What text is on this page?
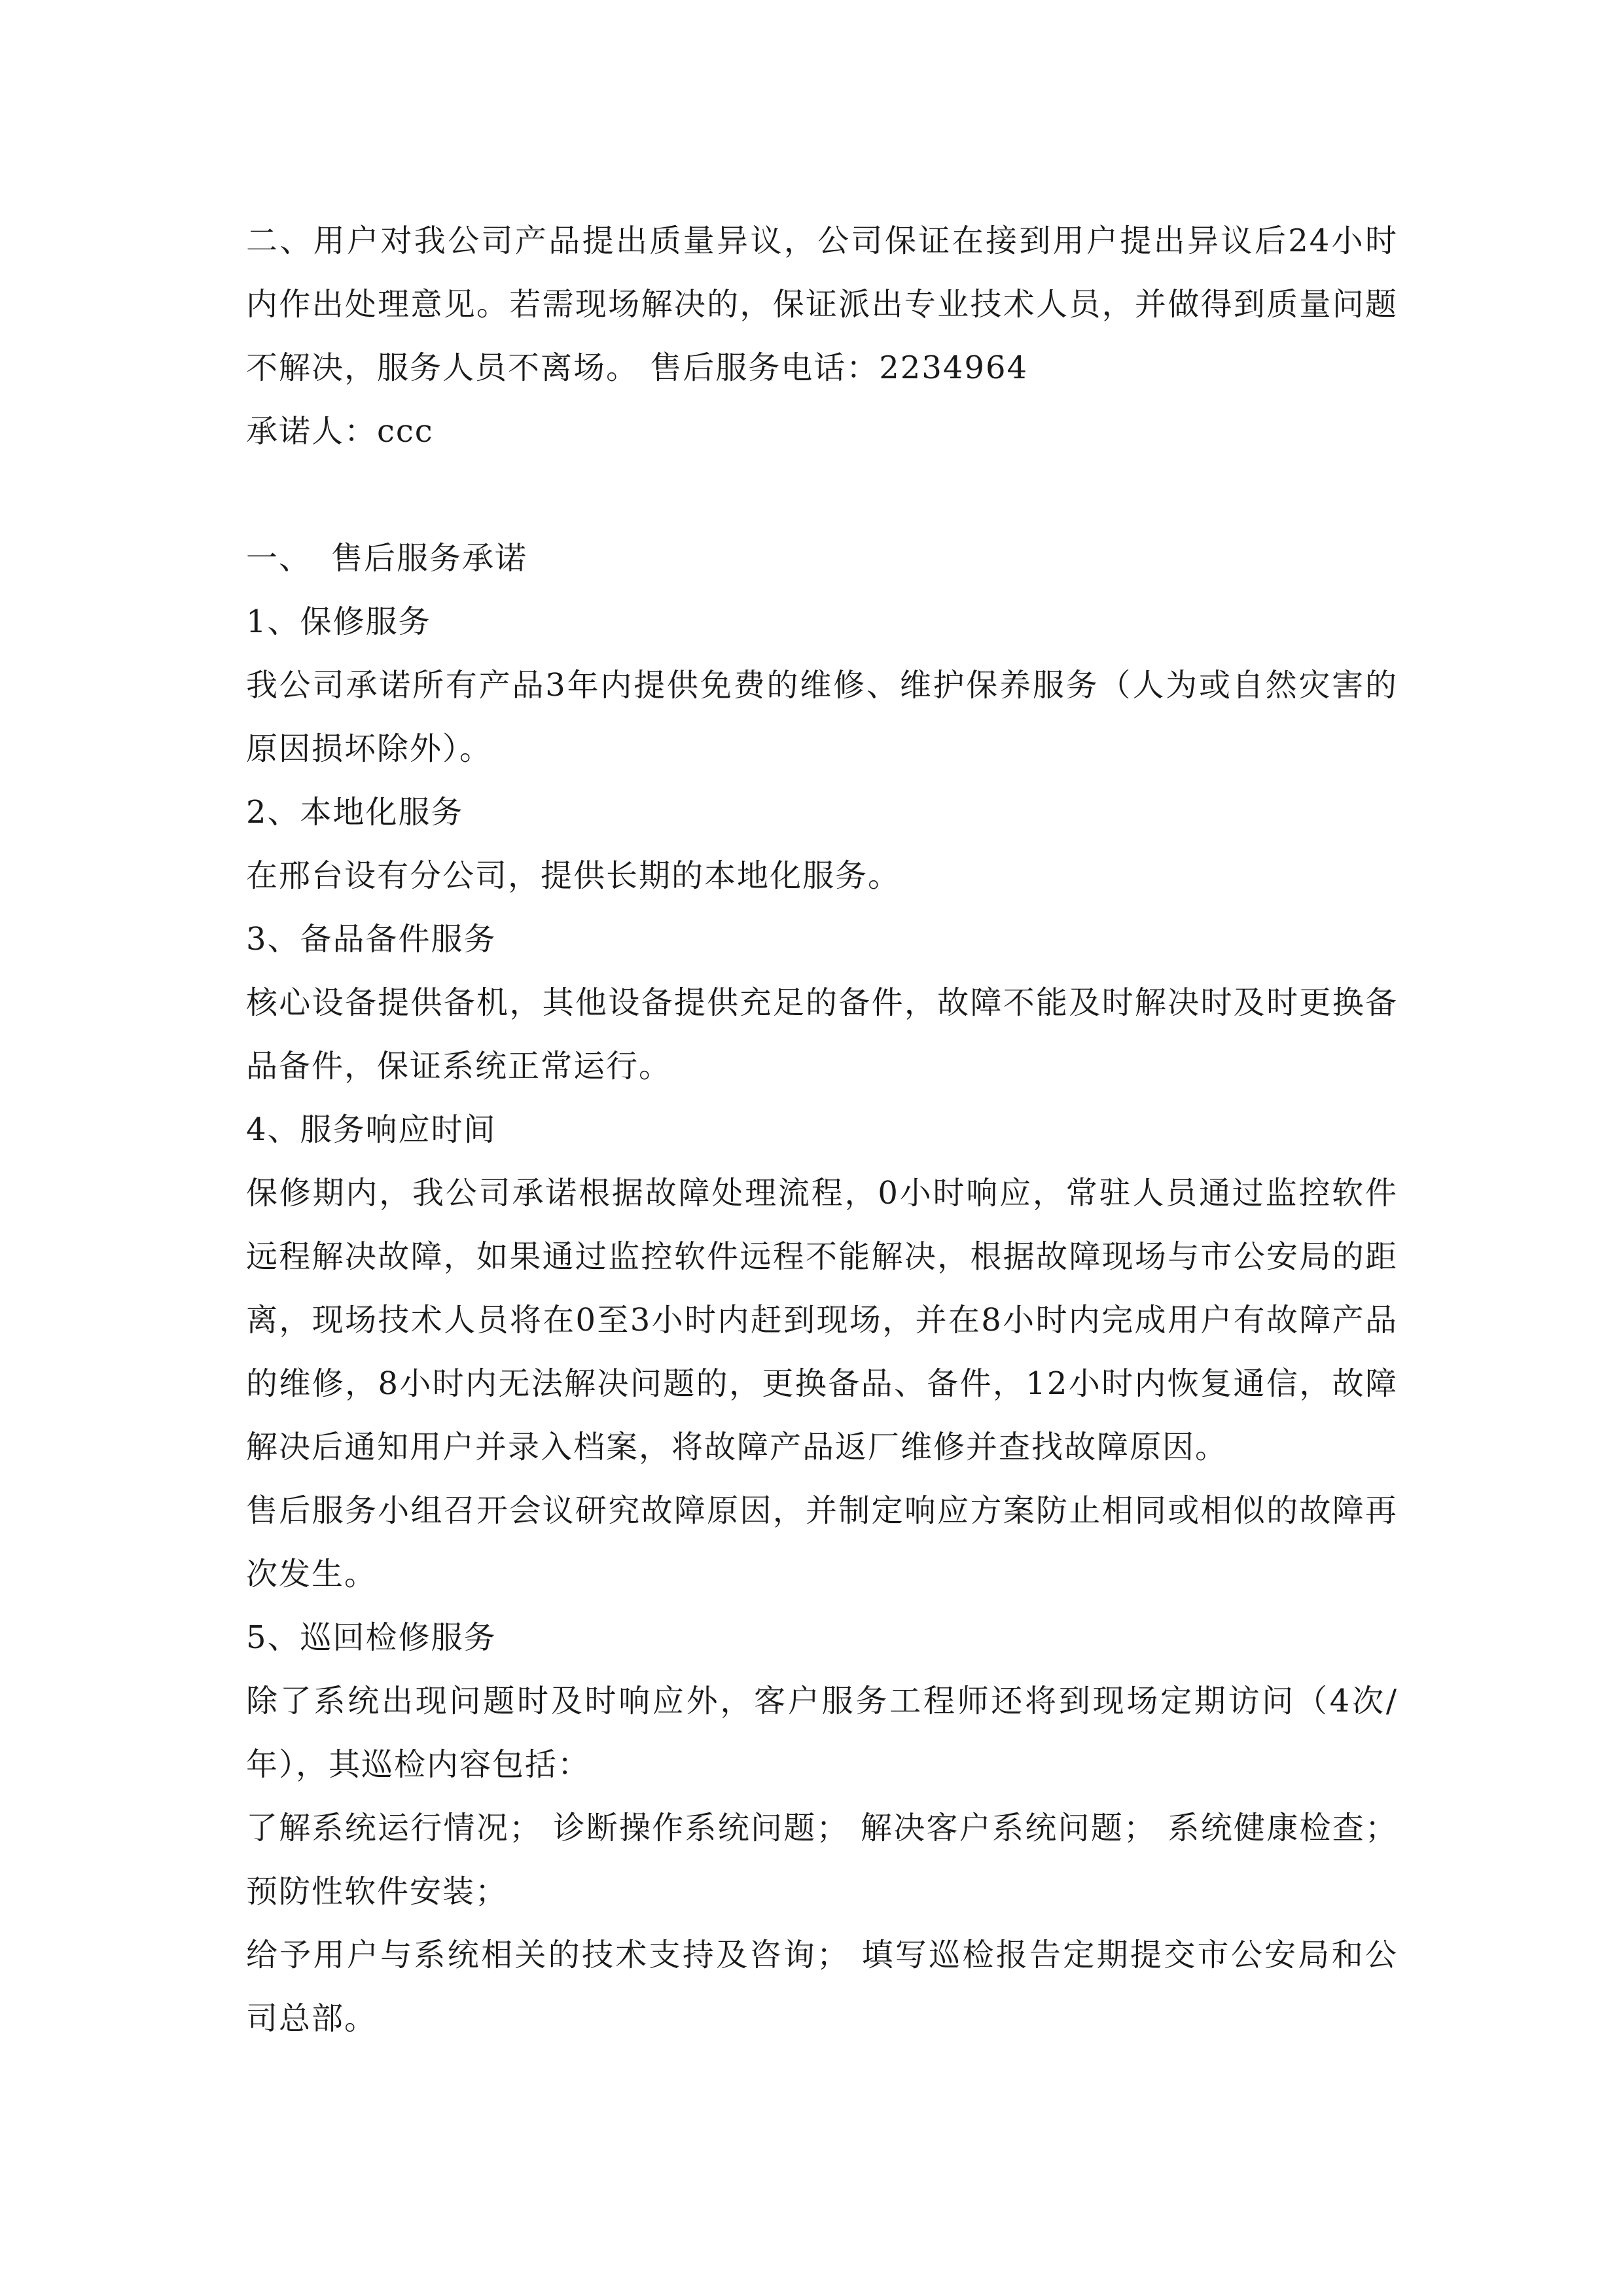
二、用户对我公司产品提出质量异议，公司保证在接到用户提出异议后24小时内作出处理意见。若需现场解决的，保证派出专业技术人员，并做得到质量问题不解决，服务人员不离场。 售后服务电话：2234964

承诺人：ccc

一、 售后服务承诺

1、保修服务

我公司承诺所有产品3年内提供免费的维修、维护保养服务（人为或自然灾害的原因损坏除外）。

2、本地化服务

在邢台设有分公司，提供长期的本地化服务。

3、备品备件服务

核心设备提供备机，其他设备提供充足的备件，故障不能及时解决时及时更换备品备件，保证系统正常运行。

4、服务响应时间

保修期内，我公司承诺根据故障处理流程，0小时响应，常驻人员通过监控软件远程解决故障，如果通过监控软件远程不能解决，根据故障现场与市公安局的距离，现场技术人员将在0至3小时内赶到现场，并在8小时内完成用户有故障产品的维修，8小时内无法解决问题的，更换备品、备件，12小时内恢复通信，故障解决后通知用户并录入档案，将故障产品返厂维修并查找故障原因。

售后服务小组召开会议研究故障原因，并制定响应方案防止相同或相似的故障再次发生。

5、巡回检修服务

除了系统出现问题时及时响应外，客户服务工程师还将到现场定期访问（4次/年），其巡检内容包括：

了解系统运行情况； 诊断操作系统问题； 解决客户系统问题； 系统健康检查；预防性软件安装；

给予用户与系统相关的技术支持及咨询； 填写巡检报告定期提交市公安局和公司总部。
